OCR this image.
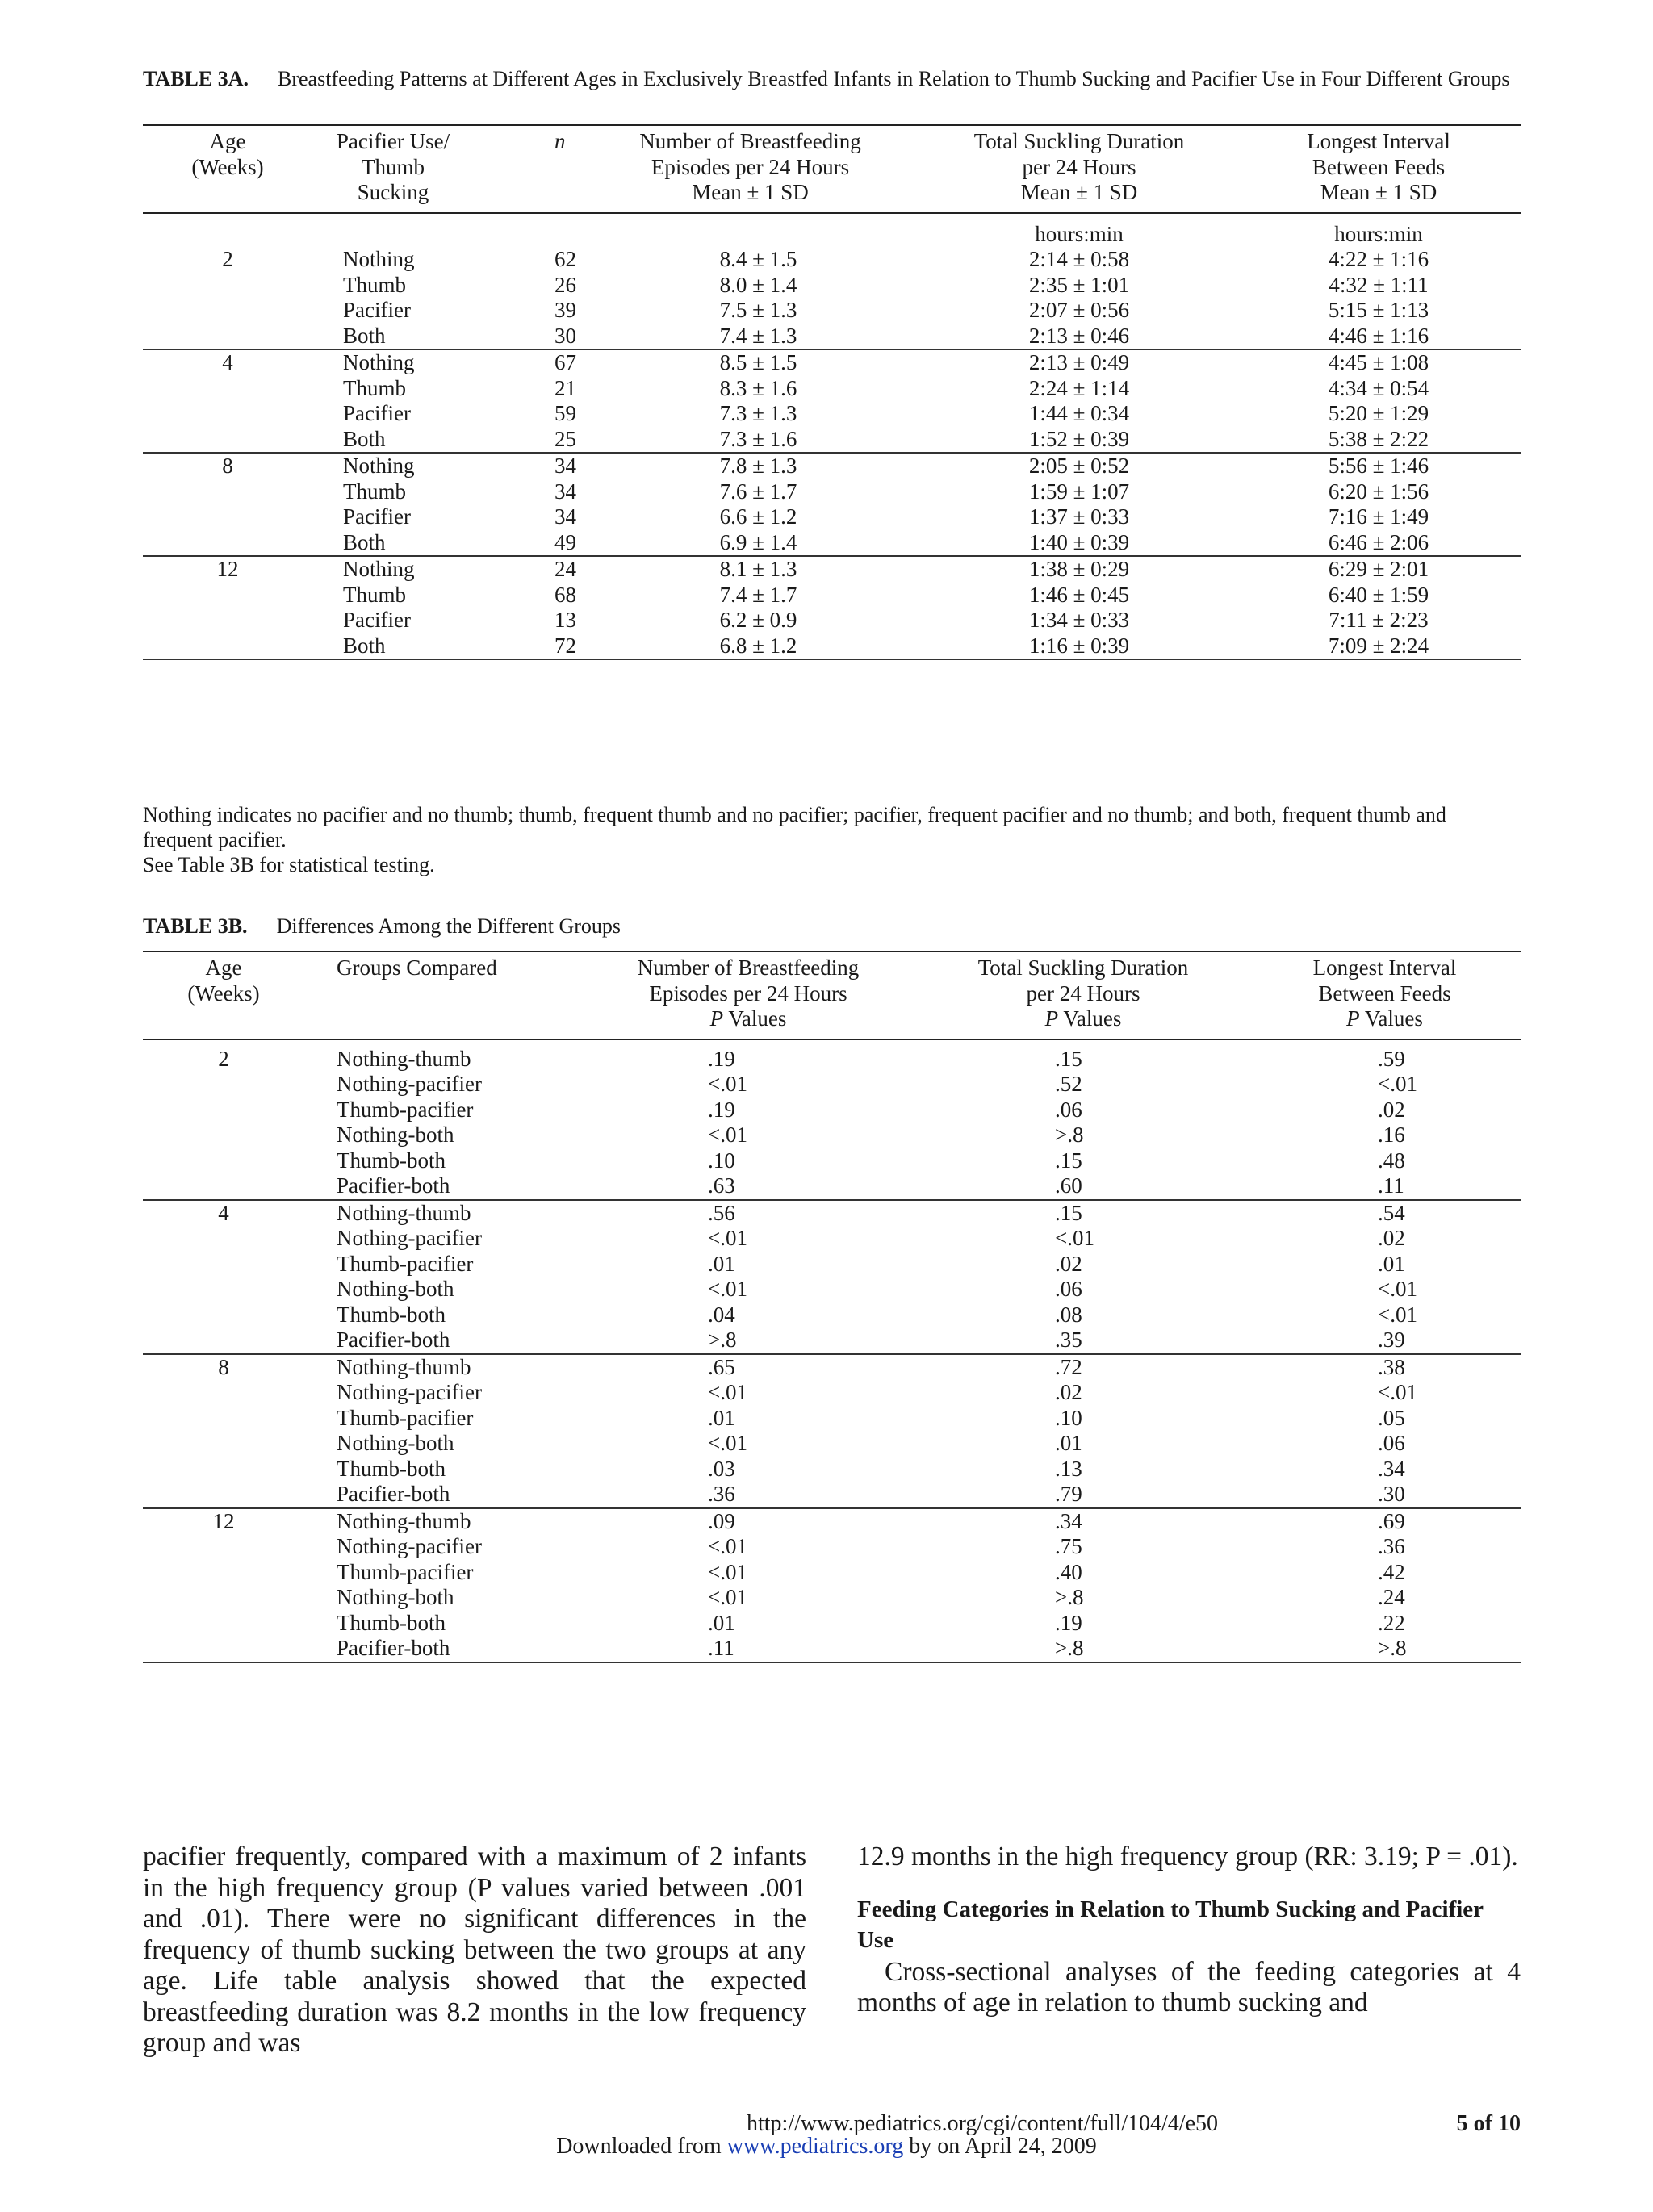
TABLE 3A. Breastfeeding Patterns at Different Ages in Exclusively Breastfed Infants in Relation to Thumb Sucking and Pacifier Use in Four Different Groups
Age
(Weeks)	Pacifier Use/
Thumb
Sucking	n	Number of Breastfeeding
Episodes per 24 Hours
Mean ± 1 SD	Total Suckling Duration
per 24 Hours
Mean ± 1 SD	Longest Interval
Between Feeds
Mean ± 1 SD
				hours:min	hours:min
2	Nothing	62	8.4 ± 1.5	2:14 ± 0:58	4:22 ± 1:16
	Thumb	26	8.0 ± 1.4	2:35 ± 1:01	4:32 ± 1:11
	Pacifier	39	7.5 ± 1.3	2:07 ± 0:56	5:15 ± 1:13
	Both	30	7.4 ± 1.3	2:13 ± 0:46	4:46 ± 1:16
4	Nothing	67	8.5 ± 1.5	2:13 ± 0:49	4:45 ± 1:08
	Thumb	21	8.3 ± 1.6	2:24 ± 1:14	4:34 ± 0:54
	Pacifier	59	7.3 ± 1.3	1:44 ± 0:34	5:20 ± 1:29
	Both	25	7.3 ± 1.6	1:52 ± 0:39	5:38 ± 2:22
8	Nothing	34	7.8 ± 1.3	2:05 ± 0:52	5:56 ± 1:46
	Thumb	34	7.6 ± 1.7	1:59 ± 1:07	6:20 ± 1:56
	Pacifier	34	6.6 ± 1.2	1:37 ± 0:33	7:16 ± 1:49
	Both	49	6.9 ± 1.4	1:40 ± 0:39	6:46 ± 2:06
12	Nothing	24	8.1 ± 1.3	1:38 ± 0:29	6:29 ± 2:01
	Thumb	68	7.4 ± 1.7	1:46 ± 0:45	6:40 ± 1:59
	Pacifier	13	6.2 ± 0.9	1:34 ± 0:33	7:11 ± 2:23
	Both	72	6.8 ± 1.2	1:16 ± 0:39	7:09 ± 2:24
Nothing indicates no pacifier and no thumb; thumb, frequent thumb and no pacifier; pacifier, frequent pacifier and no thumb; and both, frequent thumb and frequent pacifier.
See Table 3B for statistical testing.
TABLE 3B. Differences Among the Different Groups
Age
(Weeks)	Groups Compared	Number of Breastfeeding
Episodes per 24 Hours
P Values	Total Suckling Duration
per 24 Hours
P Values	Longest Interval
Between Feeds
P Values
2	Nothing-thumb	.19	.15	.59
	Nothing-pacifier	<.01	.52	<.01
	Thumb-pacifier	.19	.06	.02
	Nothing-both	<.01	>.8	.16
	Thumb-both	.10	.15	.48
	Pacifier-both	.63	.60	.11
4	Nothing-thumb	.56	.15	.54
	Nothing-pacifier	<.01	<.01	.02
	Thumb-pacifier	.01	.02	.01
	Nothing-both	<.01	.06	<.01
	Thumb-both	.04	.08	<.01
	Pacifier-both	>.8	.35	.39
8	Nothing-thumb	.65	.72	.38
	Nothing-pacifier	<.01	.02	<.01
	Thumb-pacifier	.01	.10	.05
	Nothing-both	<.01	.01	.06
	Thumb-both	.03	.13	.34
	Pacifier-both	.36	.79	.30
12	Nothing-thumb	.09	.34	.69
	Nothing-pacifier	<.01	.75	.36
	Thumb-pacifier	<.01	.40	.42
	Nothing-both	<.01	>.8	.24
	Thumb-both	.01	.19	.22
	Pacifier-both	.11	>.8	>.8

pacifier frequently, compared with a maximum of 2 infants in the high frequency group (P values varied between .001 and .01). There were no significant differences in the frequency of thumb sucking between the two groups at any age. Life table analysis showed that the expected breastfeeding duration was 8.2 months in the low frequency group and was

12.9 months in the high frequency group (RR: 3.19; P = .01).

Feeding Categories in Relation to Thumb Sucking and Pacifier Use

Cross-sectional analyses of the feeding categories at 4 months of age in relation to thumb sucking and

http://www.pediatrics.org/cgi/content/full/104/4/e50	5 of 10
Downloaded from www.pediatrics.org by on April 24, 2009
